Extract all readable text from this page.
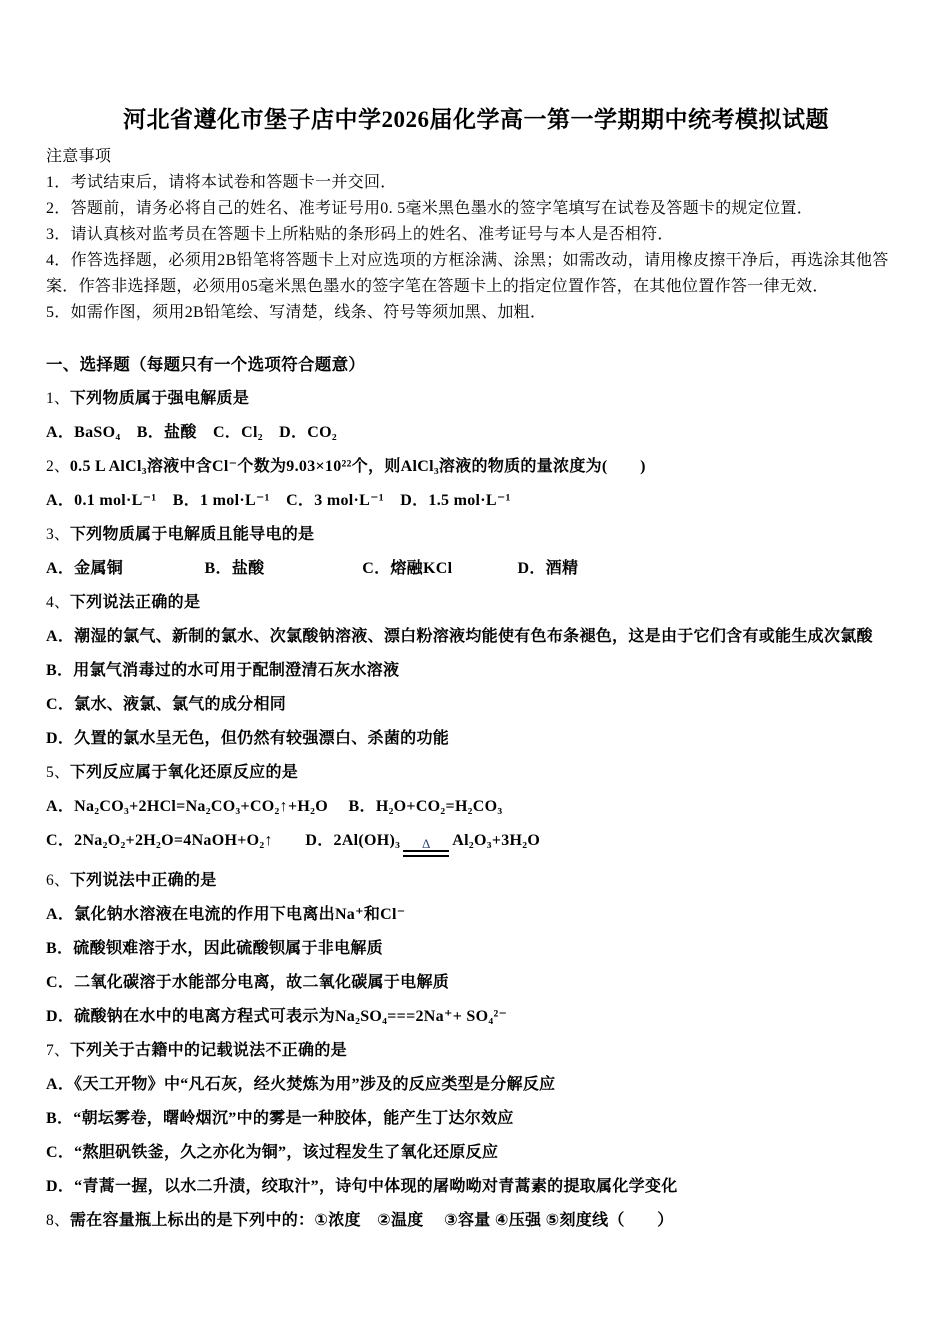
河北省遵化市堡子店中学2026届化学高一第一学期期中统考模拟试题

注意事项

1．考试结束后，请将本试卷和答题卡一并交回．

2．答题前，请务必将自己的姓名、准考证号用0. 5毫米黑色墨水的签字笔填写在试卷及答题卡的规定位置．

3．请认真核对监考员在答题卡上所粘贴的条形码上的姓名、准考证号与本人是否相符．

4．作答选择题，必须用2B铅笔将答题卡上对应选项的方框涂满、涂黑；如需改动，请用橡皮擦干净后，再选涂其他答案．作答非选择题，必须用05毫米黑色墨水的签字笔在答题卡上的指定位置作答，在其他位置作答一律无效．

5．如需作图，须用2B铅笔绘、写清楚，线条、符号等须加黑、加粗．

一、选择题（每题只有一个选项符合题意）

1、下列物质属于强电解质是

A．BaSO₄　B．盐酸　C．Cl₂　D．CO₂

2、0.5 L AlCl₃溶液中含Cl⁻个数为9.03×10²²个，则AlCl₃溶液的物质的量浓度为(　　)

A．0.1 mol·L⁻¹　B．1 mol·L⁻¹　C．3 mol·L⁻¹　D．1.5 mol·L⁻¹

3、下列物质属于电解质且能导电的是

A．金属铜　　　　　B．盐酸　　　　　　C．熔融KCl　　　　D．酒精

4、下列说法正确的是

A．潮湿的氯气、新制的氯水、次氯酸钠溶液、漂白粉溶液均能使有色布条褪色，这是由于它们含有或能生成次氯酸

B．用氯气消毒过的水可用于配制澄清石灰水溶液

C．氯水、液氯、氯气的成分相同

D．久置的氯水呈无色，但仍然有较强漂白、杀菌的功能

5、下列反应属于氧化还原反应的是

A．Na₂CO₃+2HCl=Na₂CO₃+CO₂↑+H₂O　 B．H₂O+CO₂=H₂CO₃

C．2Na₂O₂+2H₂O=4NaOH+O₂↑　　D．2Al(OH)₃ Δ Al₂O₃+3H₂O

6、下列说法中正确的是

A．氯化钠水溶液在电流的作用下电离出Na⁺和Cl⁻

B．硫酸钡难溶于水，因此硫酸钡属于非电解质

C．二氧化碳溶于水能部分电离，故二氧化碳属于电解质

D．硫酸钠在水中的电离方程式可表示为Na₂SO₄===2Na⁺+ SO₄²⁻

7、下列关于古籍中的记载说法不正确的是

A．《天工开物》中“凡石灰，经火焚炼为用”涉及的反应类型是分解反应

B．“朝坛雾卷，曙岭烟沉”中的雾是一种胶体，能产生丁达尔效应

C．“熬胆矾铁釜，久之亦化为铜”，该过程发生了氧化还原反应

D．“青蒿一握，以水二升渍，绞取汁”，诗句中体现的屠呦呦对青蒿素的提取属化学变化

8、需在容量瓶上标出的是下列中的：①浓度　②温度　 ③容量 ④压强 ⑤刻度线（　　）
